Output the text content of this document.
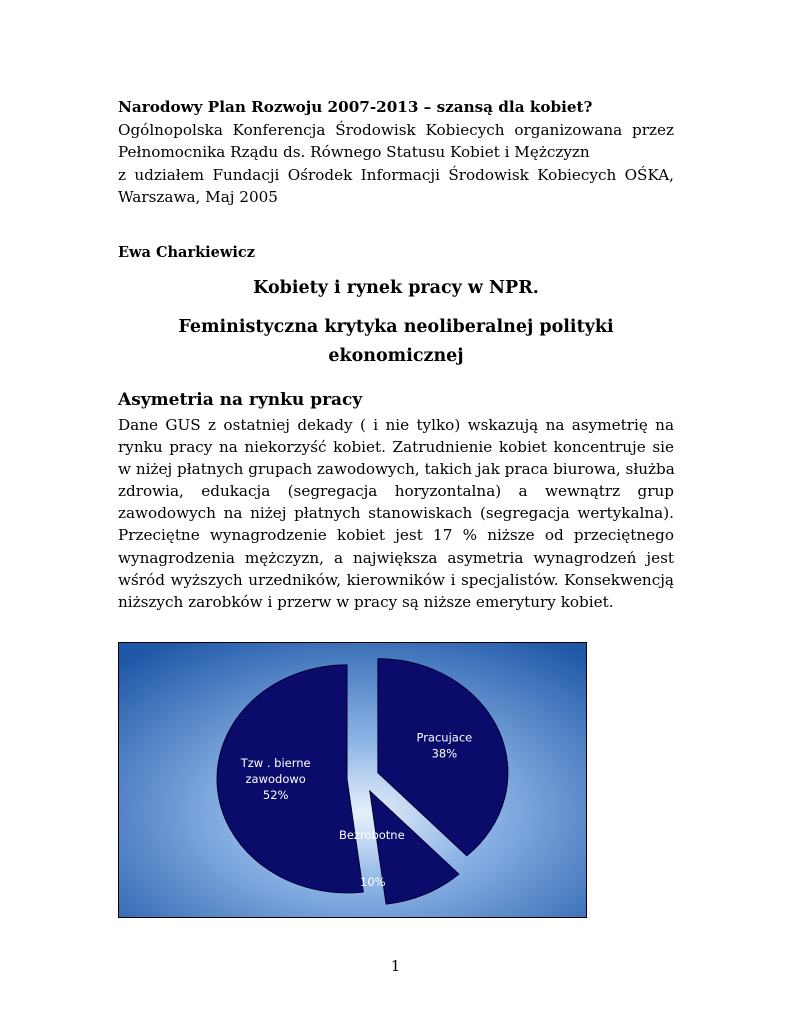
Narodowy Plan Rozwoju 2007-2013 – szansą dla kobiet?
Ogólnopolska Konferencja Środowisk Kobiecych organizowana przez
Pełnomocnika Rządu ds. Równego Statusu Kobiet i Mężczyzn
z udziałem Fundacji Ośrodek Informacji Środowisk Kobiecych OŚKA,
Warszawa, Maj 2005
Ewa Charkiewicz
Kobiety i rynek pracy w NPR.
Feministyczna krytyka neoliberalnej polityki
ekonomicznej
Asymetria na rynku pracy
Dane GUS z ostatniej dekady ( i nie tylko) wskazują na asymetrię na
rynku pracy na niekorzyść kobiet. Zatrudnienie kobiet koncentruje sie
w niżej płatnych grupach zawodowych, takich jak praca biurowa, służba
zdrowia, edukacja (segregacja horyzontalna) a wewnątrz grup
zawodowych na niżej płatnych stanowiskach (segregacja wertykalna).
Przeciętne wynagrodzenie kobiet jest 17 % niższe od przeciętnego
wynagrodzenia mężczyzn, a największa asymetria wynagrodzeń jest
wśród wyższych urzedników, kierowników i specjalistów. Konsekwencją
niższych zarobków i przerw w pracy są niższe emerytury kobiet.
Pracujace
38%
Bezrobotne
10%
Tzw . bierne
zawodowo
52%
1
